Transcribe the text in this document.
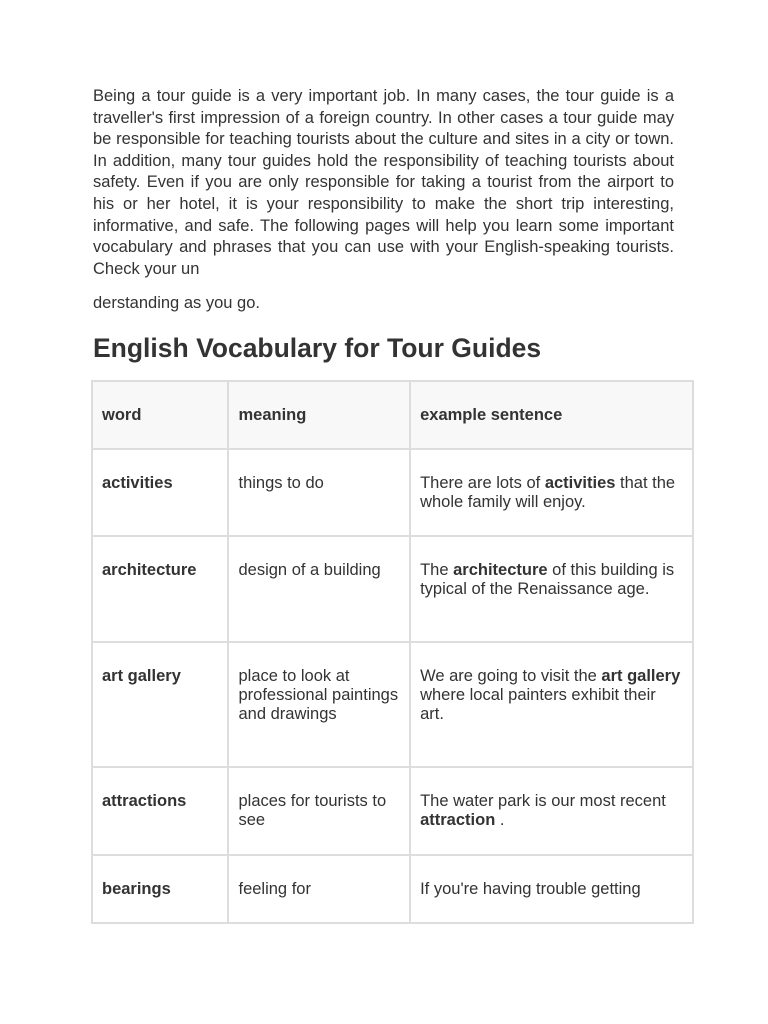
Being a tour guide is a very important job. In many cases, the tour guide is a traveller's first impression of a foreign country. In other cases a tour guide may be responsible for teaching tourists about the culture and sites in a city or town. In addition, many tour guides hold the responsibility of teaching tourists about safety. Even if you are only responsible for taking a tourist from the airport to his or her hotel, it is your responsibility to make the short trip interesting, informative, and safe. The following pages will help you learn some important vocabulary and phrases that you can use with your English-speaking tourists. Check your un

derstanding as you go.

English Vocabulary for Tour Guides
word	meaning	example sentence
activities	things to do	There are lots of activities that the whole family will enjoy.
architecture	design of a building	The architecture of this building is typical of the Renaissance age.
art gallery	place to look at professional paintings and drawings	We are going to visit the art gallery where local painters exhibit their art.
attractions	places for tourists to see	The water park is our most recent attraction .
bearings	feeling for	If you're having trouble getting
